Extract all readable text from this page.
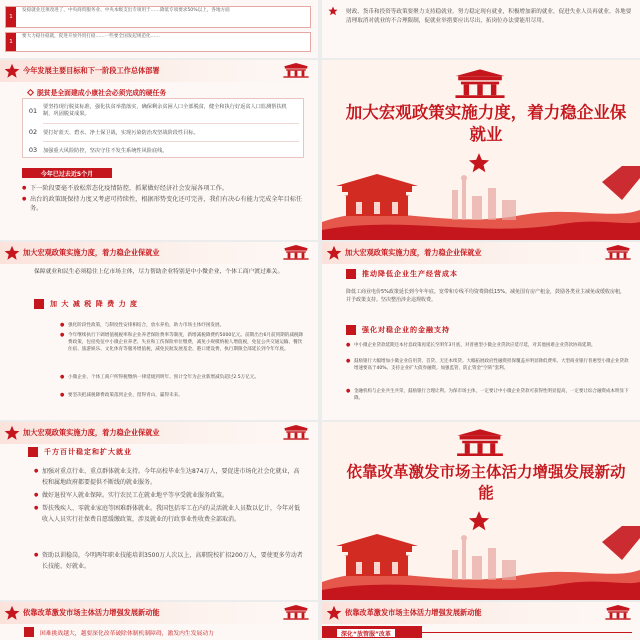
1
发稳就业还须改进了，中央商贸服务业、中央本级支出专项用于……降低专项要求50%以上，各地方面
1
要大力稳住稳就，促进开放外贸打稳……一些要全国发起规范化……
财政、货币和投资等政策要聚力支持稳就业。努力稳定现有就业，积极增加新的就业，促进失业人员再就业。各地要清理取消对就业的不合理限制，促就业举措要应出尽出，拓岗位办法要能用尽用。
今年发展主要目标和下一阶段工作总体部署
脱贫是全面建成小康社会必须完成的硬任务
01	要坚持现行脱贫标准，强化扶贫举措落实，确保剩余贫困人口全部脱贫，健全和执行好返贫人口监测帮扶机制，巩固脱贫成果。
02	要打好蓝天、碧水、净土保卫战，实现污染防治攻坚战阶段性目标。
03	加强重大风险防控，坚决守住不发生系统性风险底线。
今年已过去近5个月
● 下一阶段要毫不放松常态化疫情防控，抓紧做好经济社会发展各项工作。
● 出台的政策既保持力度又考虑可持续性，根据形势变化还可完善，我们有决心有能力完成全年目标任务。
加大宏观政策实施力度，着力稳企业保就业
加大宏观政策实施力度，着力稳企业保就业
保障就业和民生必须稳住上亿市场主体，尽力帮助企业特别是中小微企业、个体工商户渡过难关。
加 大 减 税 降 费 力 度
● 强化阶段性政策，与制度性安排相结合，放水养鱼，助力市场主体纾困发展。
● 今年继续执行下调增值税税率和企业养老保险费率等制度，新增减税降费约5000亿元。前期出台6月前到期的减税降费政策，包括免征中小微企业养老、失业和工伤保险单位缴费，减免小规模纳税人增值税，免征公共交通运输、餐饮住宿、旅游娱乐、文化体育等服务增值税，减免民航发展基金、港口建设费，执行期限全部延长到今年年底。
● 小微企业、个体工商户所得税缴纳一律延缓到明年。预计全年为企业新增减负超过2.5万亿元。
● 要坚决把减税降费政策落到企业，留得青山，赢得未来。
加大宏观政策实施力度，着力稳企业保就业
推动降低企业生产经营成本
降低工商业电价5%政策延长到今年年底。宽带和专线平均资费降低15%。减免国有房产租金，鼓励各类业主减免或缓收房租，并予政策支持。坚决整治涉企违规收费。
强化对稳企业的金融支持
● 中小微企业贷款延期还本付息政策再延长至明年3月底，对普惠型小微企业贷款应延尽延，对其他困难企业贷款协商延期。
● 鼓励银行大幅增加小微企业信用贷、首贷、无还本续贷。大幅拓展政府性融资担保覆盖并明显降低费率。大型商业银行普惠型小微企业贷款增速要高于40%。支持企业扩大债券融资。加强监管，防止资金“空转”套利。
● 金融机构与企业共生共荣，鼓励银行合理让利。为保市场主体，一定要让中小微企业贷款可获得性明显提高，一定要让综合融资成本明显下降。
加大宏观政策实施力度，着力稳企业保就业
千方百计稳定和扩大就业
● 加强对重点行业、重点群体就业支持。今年高校毕业生达874万人，要促进市场化社会化就业，高校和属地政府都要提供不断线的就业服务。
● 做好退役军人就业保障。实行农民工在就业地平等享受就业服务政策。
● 帮扶残疾人、零就业家庭等困难群体就业。我国包括零工在内的灵活就业人员数以亿计，今年对低收入人员实行社保费自愿缓缴政策，涉及就业的行政事业性收费全部取消。
● 资助以训稳岗，今明两年职业技能培训3500万人次以上，高职院校扩招200万人，要使更多劳动者长技能、好就业。
依靠改革激发市场主体活力增强发展新动能
依靠改革激发市场主体活力增强发展新动能
困难挑战越大，越要深化改革破除体制机制障碍，激发内生发展动力
依靠改革激发市场主体活力增强发展新动能
深化“放管服”改革
